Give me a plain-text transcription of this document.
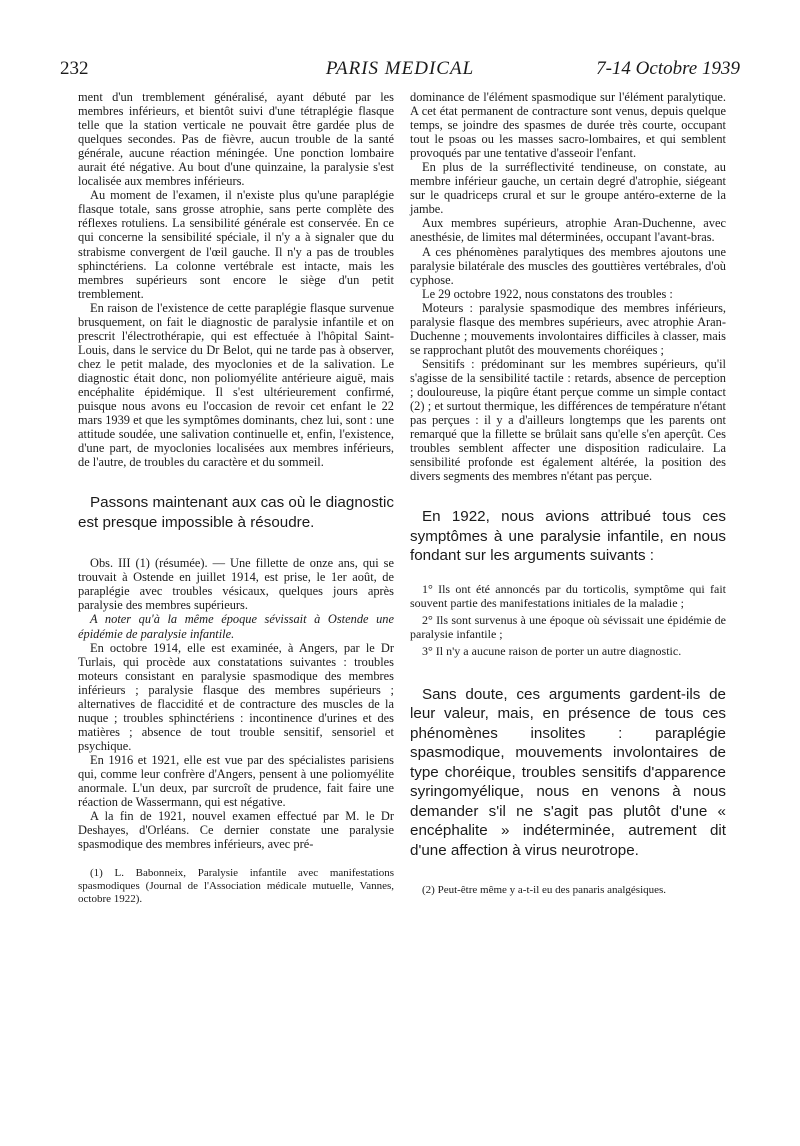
PARIS MEDICAL
232	7-14 Octobre 1939

ment d'un tremblement généralisé, ayant débuté par les membres inférieurs, et bientôt suivi d'une tétraplégie flasque telle que la station verticale ne pouvait être gardée plus de quelques secondes. Pas de fièvre, aucun trouble de la santé générale, aucune réaction méningée. Une ponction lombaire aurait été négative. Au bout d'une quinzaine, la paralysie s'est localisée aux membres inférieurs.

Au moment de l'examen, il n'existe plus qu'une paraplégie flasque totale, sans grosse atrophie, sans perte complète des réflexes rotuliens. La sensibilité générale est conservée. En ce qui concerne la sensibilité spéciale, il n'y a à signaler que du strabisme convergent de l'œil gauche. Il n'y a pas de troubles sphinctériens. La colonne vertébrale est intacte, mais les membres supérieurs sont encore le siège d'un petit tremblement.

En raison de l'existence de cette paraplégie flasque survenue brusquement, on fait le diagnostic de paralysie infantile et on prescrit l'électrothérapie, qui est effectuée à l'hôpital Saint-Louis, dans le service du Dr Belot, qui ne tarde pas à observer, chez le petit malade, des myoclonies et de la salivation. Le diagnostic était donc, non poliomyélite antérieure aiguë, mais encéphalite épidémique. Il s'est ultérieurement confirmé, puisque nous avons eu l'occasion de revoir cet enfant le 22 mars 1939 et que les symptômes dominants, chez lui, sont : une attitude soudée, une salivation continuelle et, enfin, l'existence, d'une part, de myoclonies localisées aux membres inférieurs, de l'autre, de troubles du caractère et du sommeil.

Passons maintenant aux cas où le diagnostic est presque impossible à résoudre.

Obs. III (1) (résumée). — Une fillette de onze ans, qui se trouvait à Ostende en juillet 1914, est prise, le 1er août, de paraplégie avec troubles vésicaux, quelques jours après paralysie des membres supérieurs.

A noter qu'à la même époque sévissait à Ostende une épidémie de paralysie infantile.

En octobre 1914, elle est examinée, à Angers, par le Dr Turlais, qui procède aux constatations suivantes : troubles moteurs consistant en paralysie spasmodique des membres inférieurs ; paralysie flasque des membres supérieurs ; alternatives de flaccidité et de contracture des muscles de la nuque ; troubles sphinctériens : incontinence d'urines et des matières ; absence de tout trouble sensitif, sensoriel et psychique.

En 1916 et 1921, elle est vue par des spécialistes parisiens qui, comme leur confrère d'Angers, pensent à une poliomyélite anormale. L'un deux, par surcroît de prudence, fait faire une réaction de Wassermann, qui est négative.

A la fin de 1921, nouvel examen effectué par M. le Dr Deshayes, d'Orléans. Ce dernier constate une paralysie spasmodique des membres inférieurs, avec pré-

(1) L. Babonneix, Paralysie infantile avec manifestations spasmodiques (Journal de l'Association médicale mutuelle, Vannes, octobre 1922).

dominance de l'élément spasmodique sur l'élément paralytique. A cet état permanent de contracture sont venus, depuis quelque temps, se joindre des spasmes de durée très courte, occupant tout le psoas ou les masses sacro-lombaires, et qui semblent provoqués par une tentative d'asseoir l'enfant.

En plus de la surréflectivité tendineuse, on constate, au membre inférieur gauche, un certain degré d'atrophie, siégeant sur le quadriceps crural et sur le groupe antéro-externe de la jambe.

Aux membres supérieurs, atrophie Aran-Duchenne, avec anesthésie, de limites mal déterminées, occupant l'avant-bras.

A ces phénomènes paralytiques des membres ajoutons une paralysie bilatérale des muscles des gouttières vertébrales, d'où cyphose.

Le 29 octobre 1922, nous constatons des troubles :

Moteurs : paralysie spasmodique des membres inférieurs, paralysie flasque des membres supérieurs, avec atrophie Aran-Duchenne ; mouvements involontaires difficiles à classer, mais se rapprochant plutôt des mouvements choréiques ;

Sensitifs : prédominant sur les membres supérieurs, qu'il s'agisse de la sensibilité tactile : retards, absence de perception ; douloureuse, la piqûre étant perçue comme un simple contact (2) ; et surtout thermique, les différences de température n'étant pas perçues : il y a d'ailleurs longtemps que les parents ont remarqué que la fillette se brûlait sans qu'elle s'en aperçût. Ces troubles semblent affecter une disposition radiculaire. La sensibilité profonde est également altérée, la position des divers segments des membres n'étant pas perçue.

En 1922, nous avions attribué tous ces symptômes à une paralysie infantile, en nous fondant sur les arguments suivants :

1° Ils ont été annoncés par du torticolis, symptôme qui fait souvent partie des manifestations initiales de la maladie ;

2° Ils sont survenus à une époque où sévissait une épidémie de paralysie infantile ;

3° Il n'y a aucune raison de porter un autre diagnostic.

Sans doute, ces arguments gardent-ils de leur valeur, mais, en présence de tous ces phénomènes insolites : paraplégie spasmodique, mouvements involontaires de type choréique, troubles sensitifs d'apparence syringomyélique, nous en venons à nous demander s'il ne s'agit pas plutôt d'une « encéphalite » indéterminée, autrement dit d'une affection à virus neurotrope.

(2) Peut-être même y a-t-il eu des panaris analgésiques.
